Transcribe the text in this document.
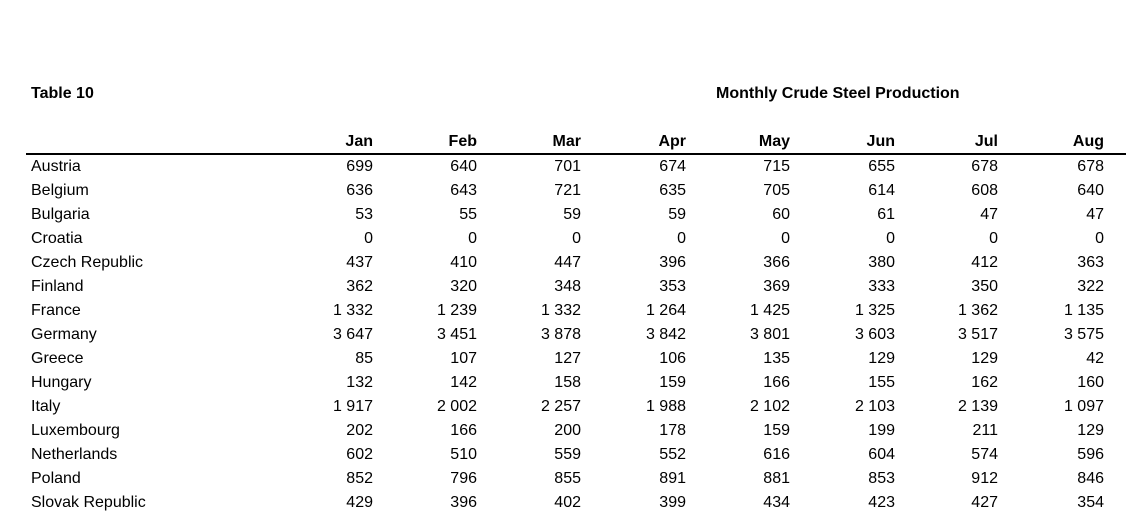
Table 10	Monthly Crude Steel Production
	Jan	Feb	Mar	Apr	May	Jun	Jul	Aug	
Austria	699	640	701	674	715	655	678	678	
Belgium	636	643	721	635	705	614	608	640	
Bulgaria	53	55	59	59	60	61	47	47	
Croatia	0	0	0	0	0	0	0	0	
Czech Republic	437	410	447	396	366	380	412	363	
Finland	362	320	348	353	369	333	350	322	
France	1 332	1 239	1 332	1 264	1 425	1 325	1 362	1 135	
Germany	3 647	3 451	3 878	3 842	3 801	3 603	3 517	3 575	
Greece	85	107	127	106	135	129	129	42	
Hungary	132	142	158	159	166	155	162	160	
Italy	1 917	2 002	2 257	1 988	2 102	2 103	2 139	1 097	
Luxembourg	202	166	200	178	159	199	211	129	
Netherlands	602	510	559	552	616	604	574	596	
Poland	852	796	855	891	881	853	912	846	
Slovak Republic	429	396	402	399	434	423	427	354	
